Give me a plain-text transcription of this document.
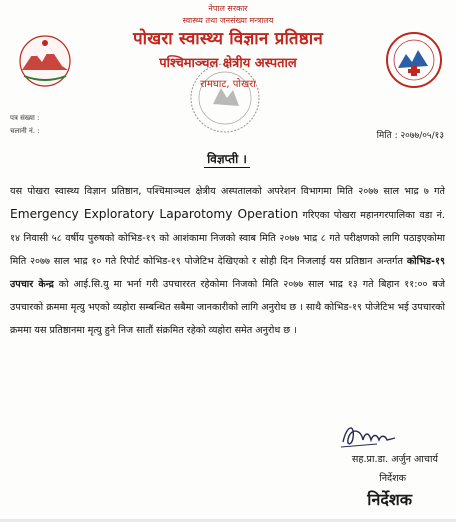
नेपाल सरकार
स्वास्थ्य तथा जनसंख्या मन्त्रालय
पोखरा स्वास्थ्य विज्ञान प्रतिष्ठान
पश्चिमाञ्चल क्षेत्रीय अस्पताल
रामघाट, पोखरा
पत्र संख्या :
चलानी नं. :	मिति : २०७७/०५/१३
विज्ञप्ती ।
यस पोखरा स्वास्थ्य विज्ञान प्रतिष्ठान, पश्चिमाञ्चल क्षेत्रीय अस्पतालको अपरेशन विभागमा मिति २०७७ साल भाद्र ७ गते Emergency Exploratory Laparotomy Operation गरिएका पोखरा महानगरपालिका वडा नं. १४ निवासी ५८ वर्षीय पुरुषको कोभिड-१९ को आशंकामा निजको स्वाब मिति २०७७ भाद्र ८ गते परीक्षणको लागि पठाइएकोमा मिति २०७७ साल भाद्र १० गते रिपोर्ट कोभिड-१९ पोजेटिभ देखिएको र सोही दिन निजलाई यस प्रतिष्ठान अन्तर्गत कोभिड-१९ उपचार केन्द्र को आई.सि.यु मा भर्ना गरी उपचाररत रहेकोमा निजको मिति २०७७ साल भाद्र १३ गते बिहान ११:०० बजे उपचारको क्रममा मृत्यु भएको व्यहोरा सम्बन्धित सबैमा जानकारीको लागि अनुरोध छ । साथै कोभिड-१९ पोजेटिभ भई उपचारको क्रममा यस प्रतिष्ठानमा मृत्यु हुने निज सातौं संक्रमित रहेको व्यहोरा समेत अनुरोध छ ।
सह.प्रा.डा. अर्जुन आचार्य
निर्देशक
निर्देशक
